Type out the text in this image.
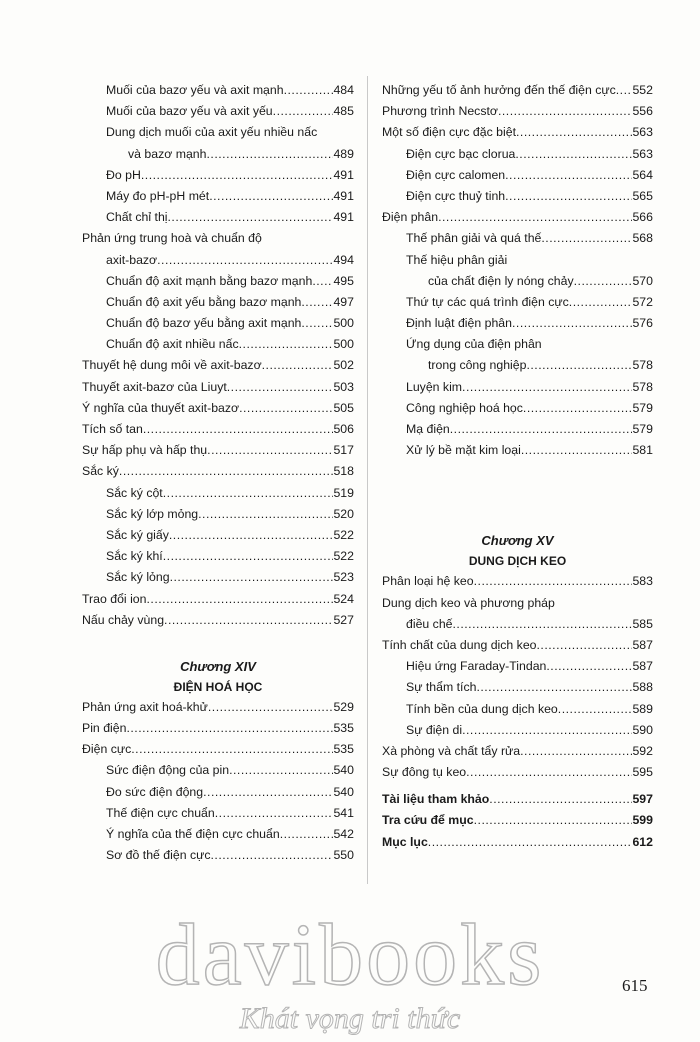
Muối của bazơ yếu và axit mạnh .....	484
Muối của bazơ yếu và axit yếu .....	485
Dung dịch muối của axit yếu nhiều nấc
và bazơ mạnh .....	489
Đo pH .....	491
Máy đo pH-pH mét .....	491
Chất chỉ thị .....	491
Phản ứng trung hoà và chuẩn độ
axit-bazơ .....	494
Chuẩn độ axit mạnh bằng bazơ mạnh ..... 495
Chuẩn độ axit yếu bằng bazơ mạnh .....	497
Chuẩn độ bazơ yếu bằng axit mạnh .....	500
Chuẩn độ axit nhiều nấc .....	500
Thuyết hệ dung môi về axit-bazơ .....	502
Thuyết axit-bazơ của Liuyt .....	503
Ý nghĩa của thuyết axit-bazơ .....	505
Tích số tan .....	506
Sự hấp phụ và hấp thụ .....	517
Sắc ký .....	518
Sắc ký cột .....	519
Sắc ký lớp mỏng .....	520
Sắc ký giấy .....	522
Sắc ký khí .....	522
Sắc ký lỏng .....	523
Trao đổi ion .....	524
Nấu chảy vùng .....	527
Chương XIV
ĐIỆN HOÁ HỌC
Phản ứng axit hoá-khử .....	529
Pin điện .....	535
Điện cực .....	535
Sức điện động của pin .....	540
Đo sức điện động .....	540
Thế điện cực chuẩn .....	541
Ý nghĩa của thế điện cực chuẩn .....	542
Sơ đồ thế điện cực .....	550
Những yếu tố ảnh hưởng đến thế điện cực ..... 552
Phương trình Necstơ .....	556
Một số điện cực đặc biệt .....	563
Điện cực bạc clorua .....	563
Điện cực calomen .....	564
Điện cực thuỷ tinh .....	565
Điện phân .....	566
Thế phân giải và quá thế .....	568
Thế hiệu phân giải
của chất điện ly nóng chảy .....	570
Thứ tự các quá trình điện cực .....	572
Định luật điện phân .....	576
Ứng dụng của điện phân
trong công nghiệp .....	578
Luyện kim .....	578
Công nghiệp hoá học .....	579
Mạ điện .....	579
Xử lý bề mặt kim loại .....	581
Chương XV
DUNG DỊCH KEO
Phân loại hệ keo .....	583
Dung dịch keo và phương pháp
điều chế .....	585
Tính chất của dung dịch keo .....	587
Hiệu ứng Faraday-Tindan .....	587
Sự thẩm tích .....	588
Tính bền của dung dịch keo .....	589
Sự điện di .....	590
Xà phòng và chất tẩy rửa .....	592
Sự đông tụ keo .....	595
Tài liệu tham khảo .....	597
Tra cứu để mục .....	599
Mục lục .....	612
davibooks	615
Khát vọng tri thức
